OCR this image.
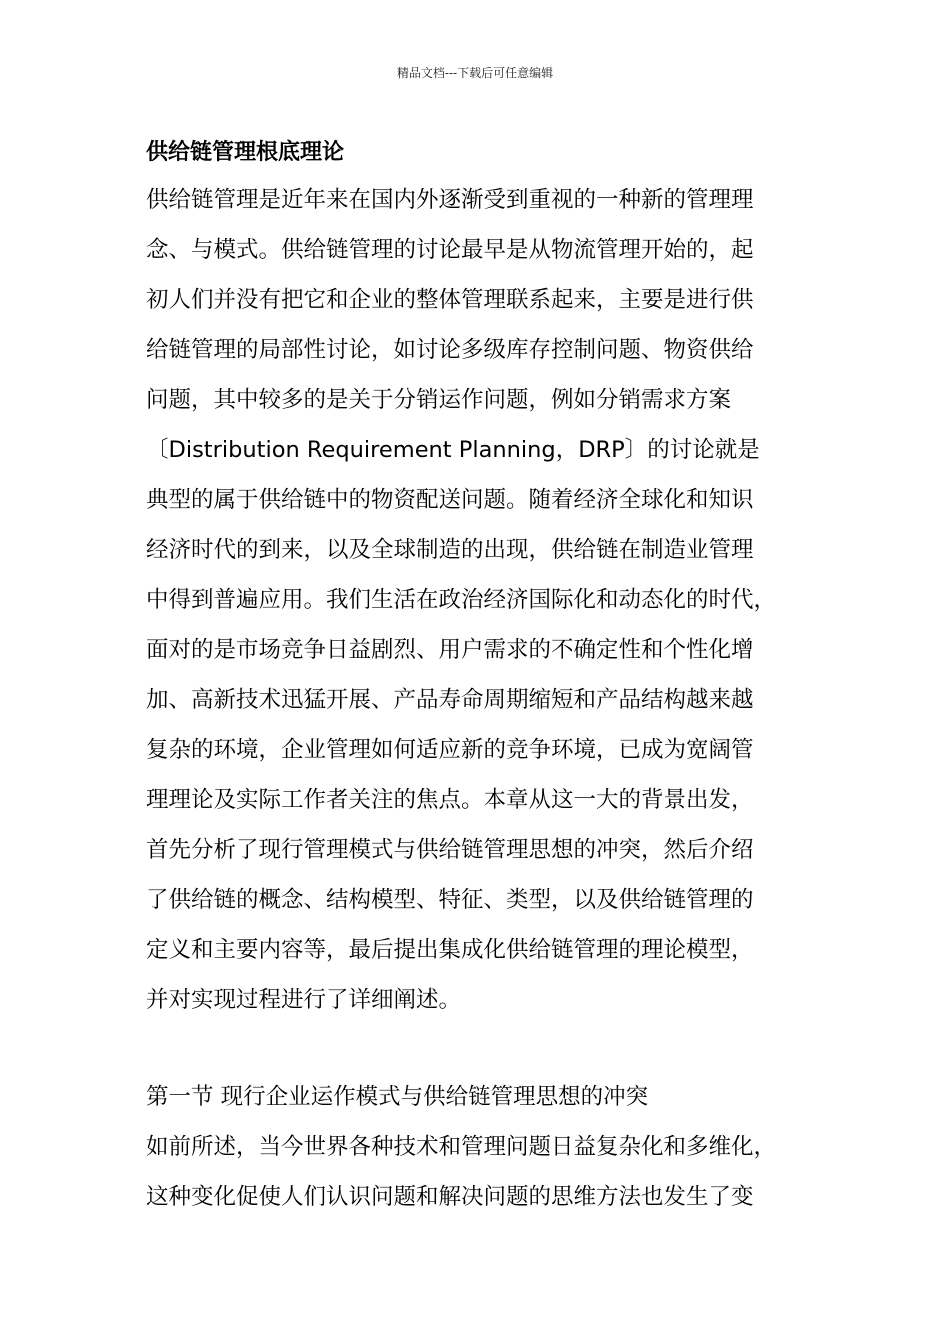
精品文档---下载后可任意编辑
供给链管理根底理论
供给链管理是近年来在国内外逐渐受到重视的一种新的管理理
念、与模式。供给链管理的讨论最早是从物流管理开始的，起
初人们并没有把它和企业的整体管理联系起来，主要是进行供
给链管理的局部性讨论，如讨论多级库存控制问题、物资供给
问题，其中较多的是关于分销运作问题，例如分销需求方案
〔Distribution Requirement Planning，DRP〕的讨论就是
典型的属于供给链中的物资配送问题。随着经济全球化和知识
经济时代的到来，以及全球制造的出现，供给链在制造业管理
中得到普遍应用。我们生活在政治经济国际化和动态化的时代，
面对的是市场竞争日益剧烈、用户需求的不确定性和个性化增
加、高新技术迅猛开展、产品寿命周期缩短和产品结构越来越
复杂的环境，企业管理如何适应新的竞争环境，已成为宽阔管
理理论及实际工作者关注的焦点。本章从这一大的背景出发，
首先分析了现行管理模式与供给链管理思想的冲突，然后介绍
了供给链的概念、结构模型、特征、类型，以及供给链管理的
定义和主要内容等，最后提出集成化供给链管理的理论模型，
并对实现过程进行了详细阐述。
第一节 现行企业运作模式与供给链管理思想的冲突
如前所述，当今世界各种技术和管理问题日益复杂化和多维化，
这种变化促使人们认识问题和解决问题的思维方法也发生了变
